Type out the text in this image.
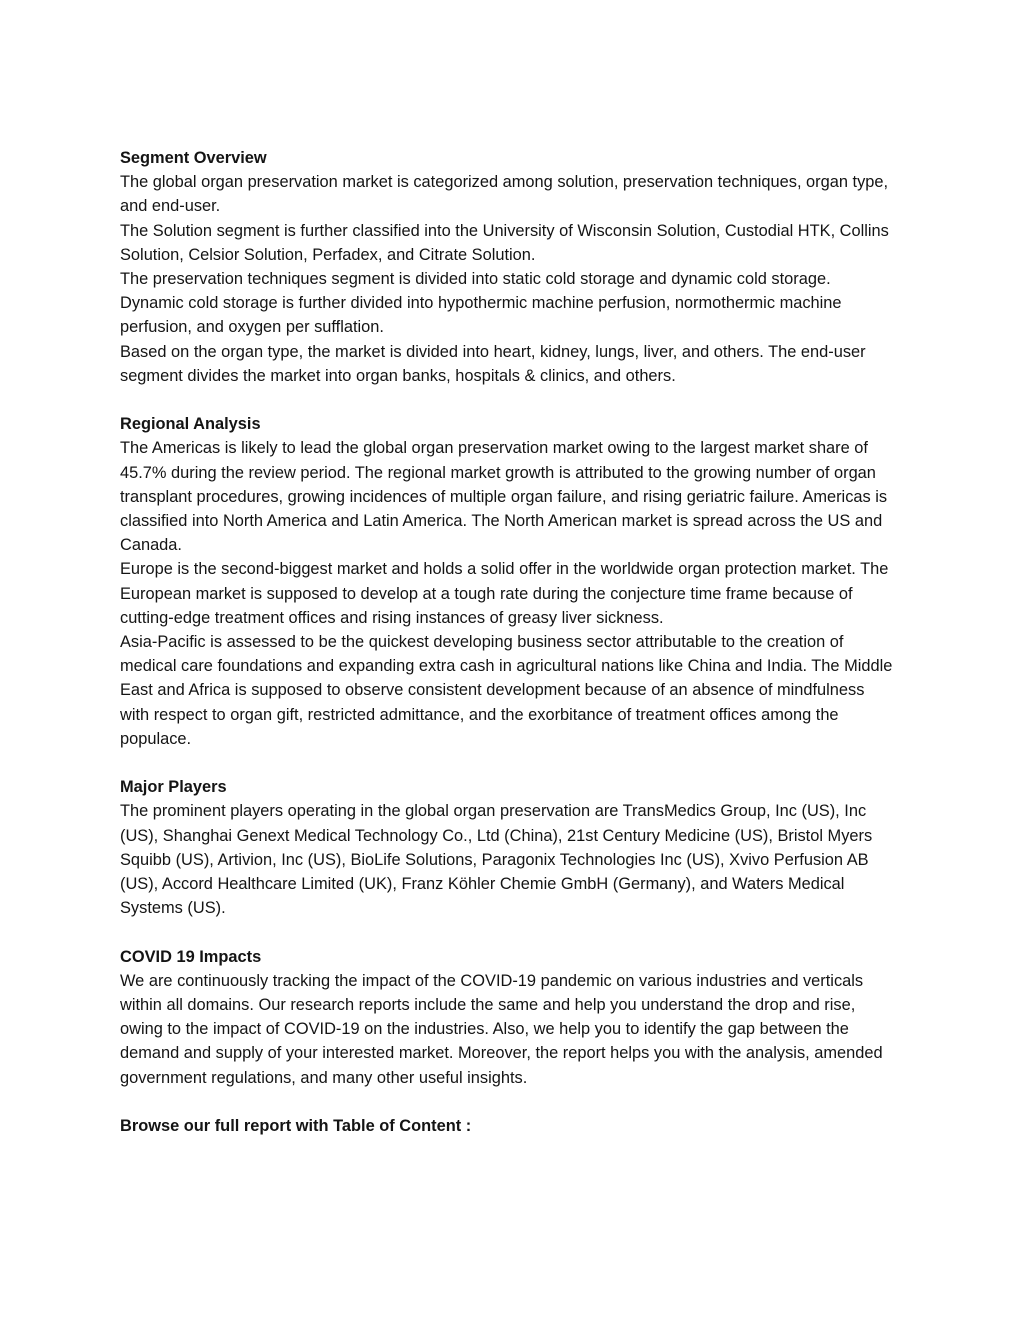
Segment Overview
The global organ preservation market is categorized among solution, preservation techniques, organ type, and end-user.
The Solution segment is further classified into the University of Wisconsin Solution, Custodial HTK, Collins Solution, Celsior Solution, Perfadex, and Citrate Solution.
The preservation techniques segment is divided into static cold storage and dynamic cold storage. Dynamic cold storage is further divided into hypothermic machine perfusion, normothermic machine perfusion, and oxygen per sufflation.
Based on the organ type, the market is divided into heart, kidney, lungs, liver, and others. The end-user segment divides the market into organ banks, hospitals & clinics, and others.
Regional Analysis
The Americas is likely to lead the global organ preservation market owing to the largest market share of 45.7% during the review period. The regional market growth is attributed to the growing number of organ transplant procedures, growing incidences of multiple organ failure, and rising geriatric failure. Americas is classified into North America and Latin America. The North American market is spread across the US and Canada.
Europe is the second-biggest market and holds a solid offer in the worldwide organ protection market. The European market is supposed to develop at a tough rate during the conjecture time frame because of cutting-edge treatment offices and rising instances of greasy liver sickness.
Asia-Pacific is assessed to be the quickest developing business sector attributable to the creation of medical care foundations and expanding extra cash in agricultural nations like China and India. The Middle East and Africa is supposed to observe consistent development because of an absence of mindfulness with respect to organ gift, restricted admittance, and the exorbitance of treatment offices among the populace.
Major Players
The prominent players operating in the global organ preservation are TransMedics Group, Inc (US), Inc (US), Shanghai Genext Medical Technology Co., Ltd (China), 21st Century Medicine (US), Bristol Myers Squibb (US), Artivion, Inc (US), BioLife Solutions, Paragonix Technologies Inc (US), Xvivo Perfusion AB (US), Accord Healthcare Limited (UK), Franz Köhler Chemie GmbH (Germany), and Waters Medical Systems (US).
COVID 19 Impacts
We are continuously tracking the impact of the COVID-19 pandemic on various industries and verticals within all domains. Our research reports include the same and help you understand the drop and rise, owing to the impact of COVID-19 on the industries. Also, we help you to identify the gap between the demand and supply of your interested market. Moreover, the report helps you with the analysis, amended government regulations, and many other useful insights.
Browse our full report with Table of Content :
